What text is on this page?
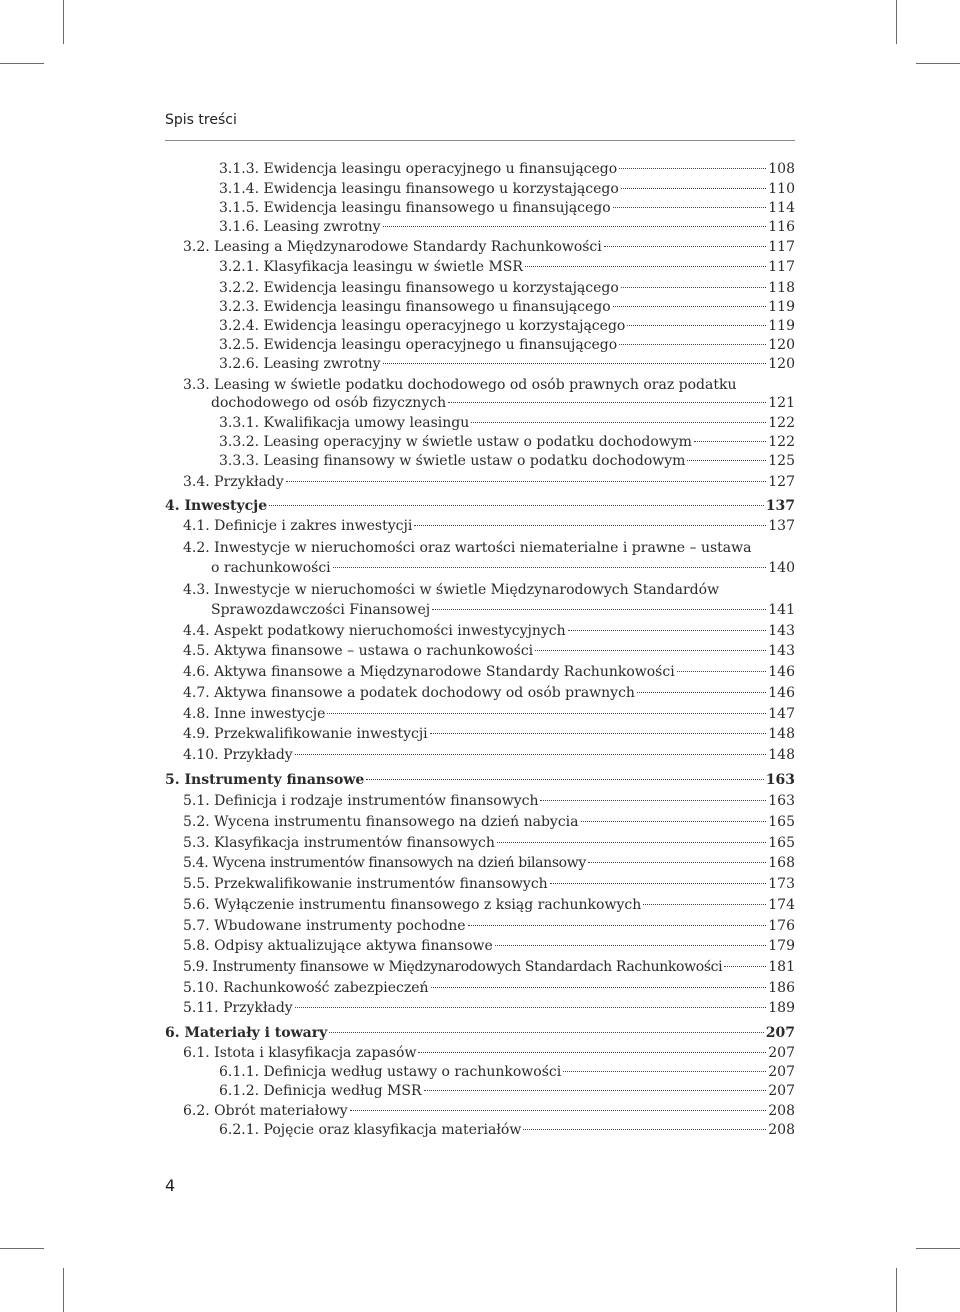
Spis treści
3.1.3. Ewidencja leasingu operacyjnego u finansującego	108
3.1.4. Ewidencja leasingu finansowego u korzystającego	110
3.1.5. Ewidencja leasingu finansowego u finansującego	114
3.1.6. Leasing zwrotny	116
3.2. Leasing a Międzynarodowe Standardy Rachunkowości	117
3.2.1. Klasyfikacja leasingu w świetle MSR	117
3.2.2. Ewidencja leasingu finansowego u korzystającego	118
3.2.3. Ewidencja leasingu finansowego u finansującego	119
3.2.4. Ewidencja leasingu operacyjnego u korzystającego	119
3.2.5. Ewidencja leasingu operacyjnego u finansującego	120
3.2.6. Leasing zwrotny	120
3.3. Leasing w świetle podatku dochodowego od osób prawnych oraz podatku
dochodowego od osób fizycznych	121
3.3.1. Kwalifikacja umowy leasingu	122
3.3.2. Leasing operacyjny w świetle ustaw o podatku dochodowym	122
3.3.3. Leasing finansowy w świetle ustaw o podatku dochodowym	125
3.4. Przykłady	127
4. Inwestycje	137
4.1. Definicje i zakres inwestycji	137
4.2. Inwestycje w nieruchomości oraz wartości niematerialne i prawne – ustawa
o rachunkowości	140
4.3. Inwestycje w nieruchomości w świetle Międzynarodowych Standardów
Sprawozdawczości Finansowej	141
4.4. Aspekt podatkowy nieruchomości inwestycyjnych	143
4.5. Aktywa finansowe – ustawa o rachunkowości	143
4.6. Aktywa finansowe a Międzynarodowe Standardy Rachunkowości	146
4.7. Aktywa finansowe a podatek dochodowy od osób prawnych	146
4.8. Inne inwestycje	147
4.9. Przekwalifikowanie inwestycji	148
4.10. Przykłady	148
5. Instrumenty finansowe	163
5.1. Definicja i rodzaje instrumentów finansowych	163
5.2. Wycena instrumentu finansowego na dzień nabycia	165
5.3. Klasyfikacja instrumentów finansowych	165
5.4. Wycena instrumentów finansowych na dzień bilansowy	168
5.5. Przekwalifikowanie instrumentów finansowych	173
5.6. Wyłączenie instrumentu finansowego z ksiąg rachunkowych	174
5.7. Wbudowane instrumenty pochodne	176
5.8. Odpisy aktualizujące aktywa finansowe	179
5.9. Instrumenty finansowe w Międzynarodowych Standardach Rachunkowości	181
5.10. Rachunkowość zabezpieczeń	186
5.11. Przykłady	189
6. Materiały i towary	207
6.1. Istota i klasyfikacja zapasów	207
6.1.1. Definicja według ustawy o rachunkowości	207
6.1.2. Definicja według MSR	207
6.2. Obrót materiałowy	208
6.2.1. Pojęcie oraz klasyfikacja materiałów	208
4
